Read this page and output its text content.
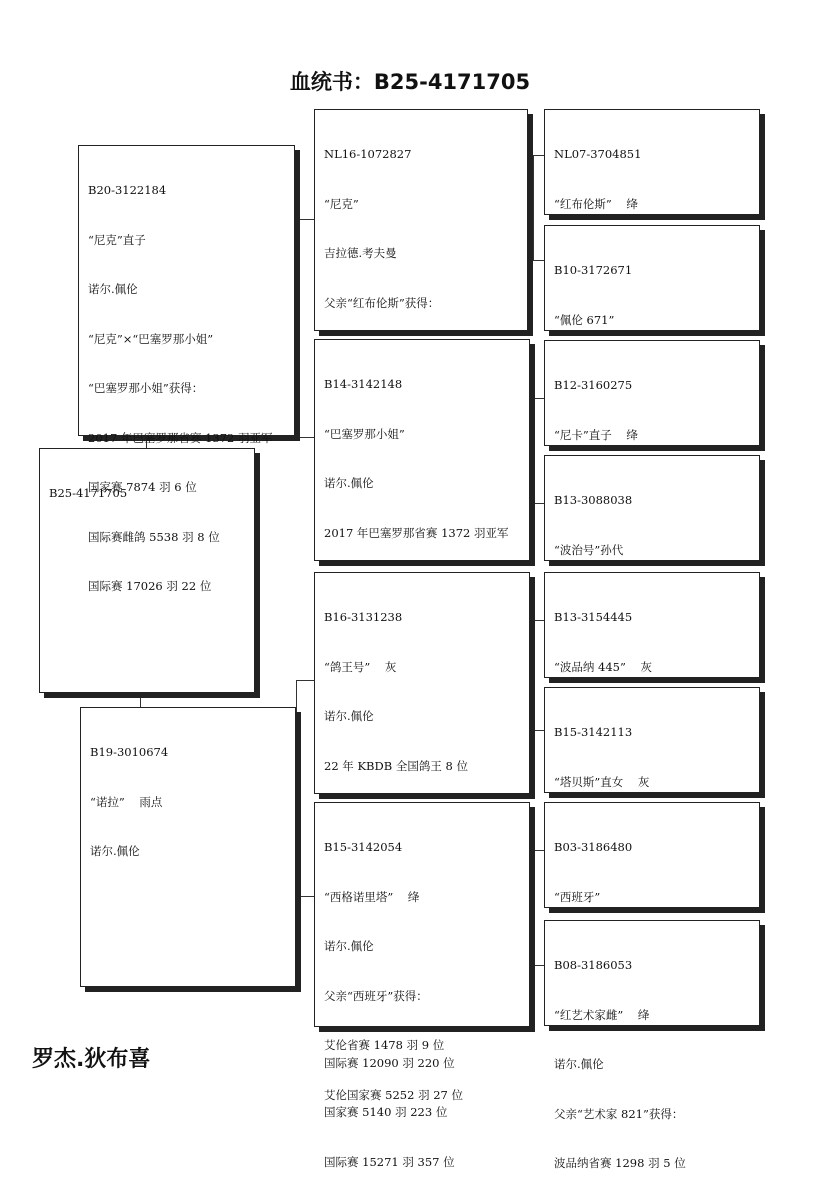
血统书：B25-4171705

B25-4171705

B20-3122184

“尼克”直子

诺尔.佩伦

“尼克”×“巴塞罗那小姐”

“巴塞罗那小姐”获得：

2017 年巴塞罗那省赛 1372 羽亚军

国家赛 7874 羽 6 位

国际赛雌鸽 5538 羽 8 位

国际赛 17026 羽 22 位

B19-3010674

“诺拉”    雨点

诺尔.佩伦

NL16-1072827

“尼克”

吉拉德.考夫曼

父亲“红布伦斯”获得：

B14-3142148

“巴塞罗那小姐”

诺尔.佩伦

2017 年巴塞罗那省赛 1372 羽亚军

B16-3131238

“鸽王号”    灰

诺尔.佩伦

22 年 KBDB 全国鸽王 8 位

国际赛 12090 羽 220 位

国家赛 5140 羽 223 位

国际赛 15271 羽 357 位

B15-3142054

“西格诺里塔”    绛

诺尔.佩伦

父亲“西班牙”获得：

艾伦省赛 1478 羽 9 位

艾伦国家赛 5252 羽 27 位

NL07-3704851

“红布伦斯”    绛

B10-3172671

“佩伦 671”

B12-3160275

“尼卡”直子    绛

B13-3088038

“波治号”孙代

B13-3154445

“波品纳 445”    灰

B15-3142113

“塔贝斯”直女    灰

B03-3186480

“西班牙”

B08-3186053

“红艺术家雌”    绛

诺尔.佩伦

父亲“艺术家 821”获得：

波品纳省赛 1298 羽 5 位

罗杰.狄布喜
